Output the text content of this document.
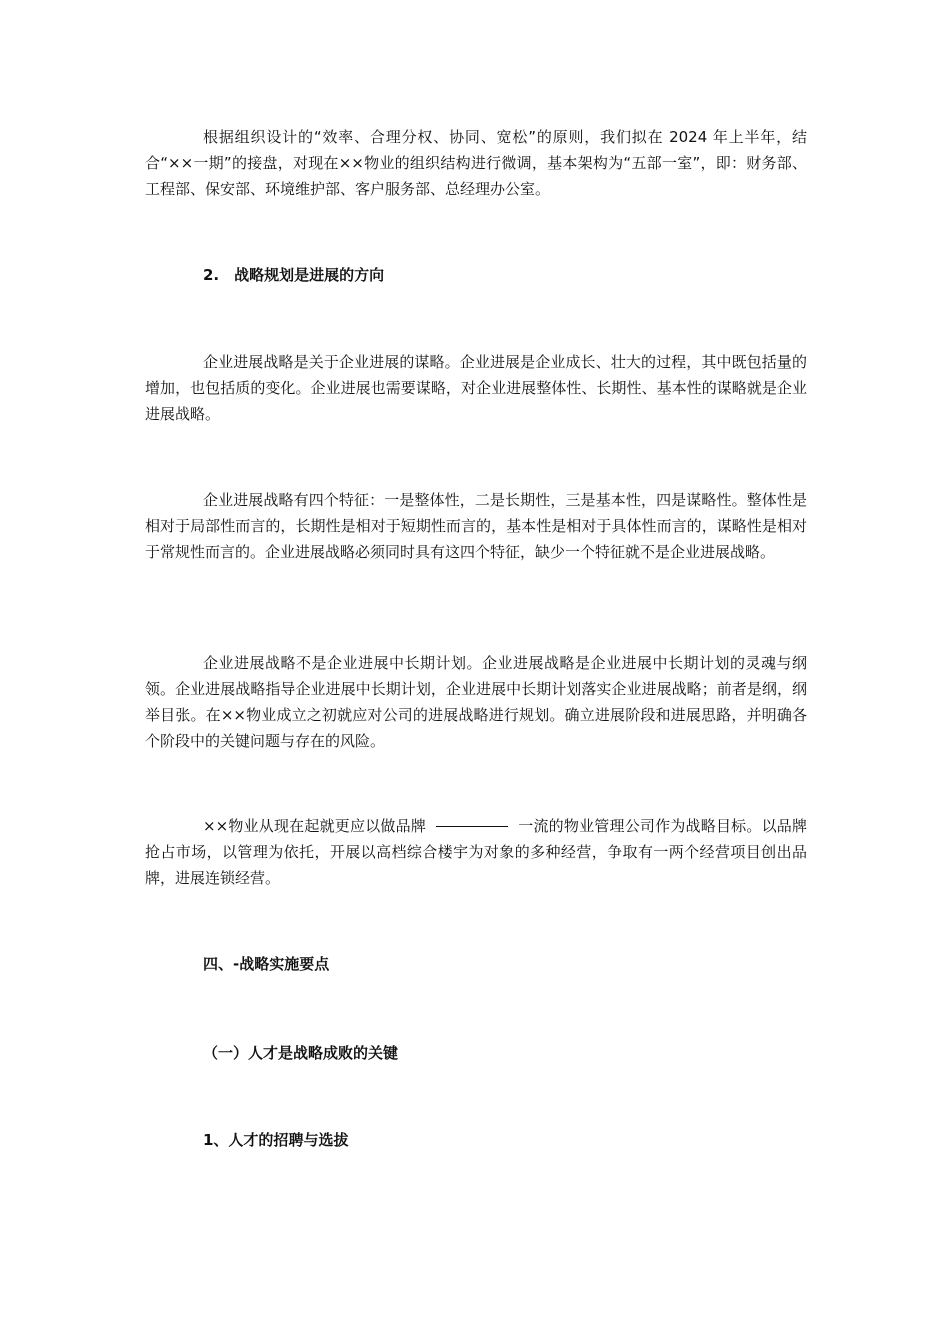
根据组织设计的“效率、合理分权、协同、宽松”的原则，我们拟在 2024 年上半年，结合“××一期”的接盘，对现在××物业的组织结构进行微调，基本架构为“五部一室”，即：财务部、工程部、保安部、环境维护部、客户服务部、总经理办公室。

2.　战略规划是进展的方向

企业进展战略是关于企业进展的谋略。企业进展是企业成长、壮大的过程，其中既包括量的增加，也包括质的变化。企业进展也需要谋略，对企业进展整体性、长期性、基本性的谋略就是企业进展战略。

企业进展战略有四个特征：一是整体性，二是长期性，三是基本性，四是谋略性。整体性是相对于局部性而言的，长期性是相对于短期性而言的，基本性是相对于具体性而言的，谋略性是相对于常规性而言的。企业进展战略必须同时具有这四个特征，缺少一个特征就不是企业进展战略。

企业进展战略不是企业进展中长期计划。企业进展战略是企业进展中长期计划的灵魂与纲领。企业进展战略指导企业进展中长期计划，企业进展中长期计划落实企业进展战略；前者是纲，纲举目张。在××物业成立之初就应对公司的进展战略进行规划。确立进展阶段和进展思路，并明确各个阶段中的关键问题与存在的风险。

××物业从现在起就更应以做品牌	一流的物业管理公司作为战略目标。以品牌抢占市场，以管理为依托，开展以高档综合楼宇为对象的多种经营，争取有一两个经营项目创出品牌，进展连锁经营。

四、-战略实施要点

（一）人才是战略成败的关键

1、人才的招聘与选拔
